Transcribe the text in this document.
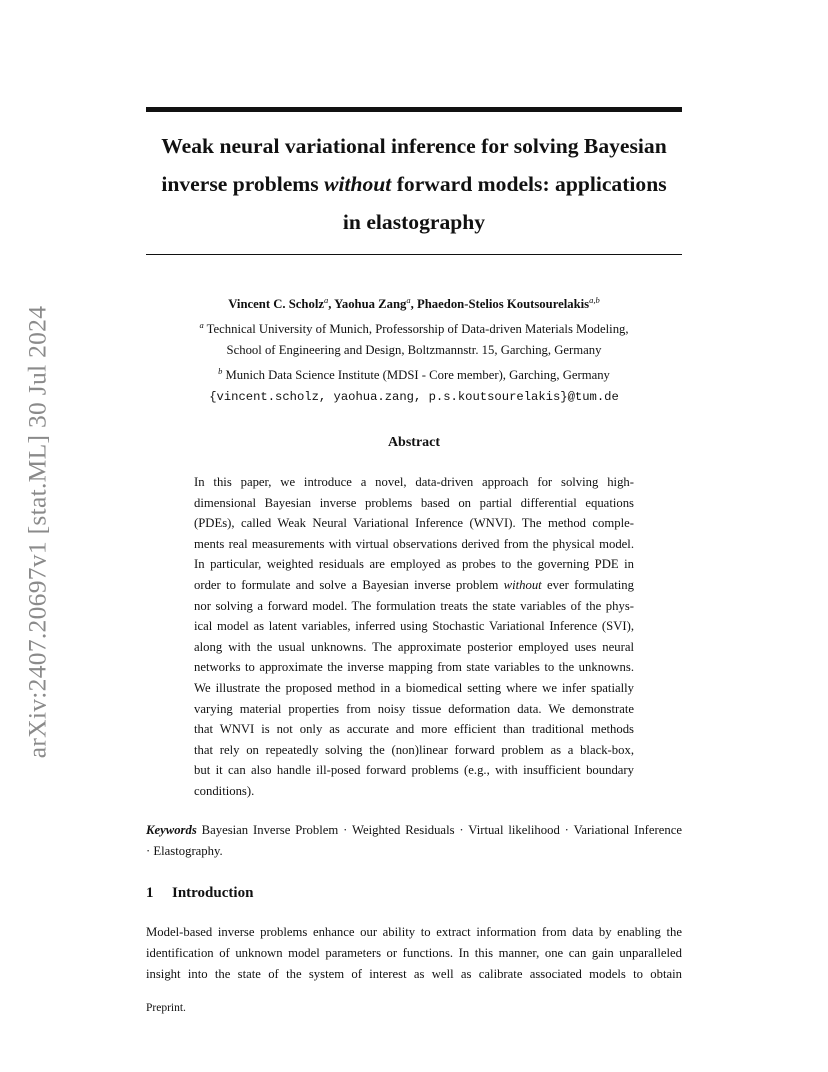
arXiv:2407.20697v1 [stat.ML] 30 Jul 2024
Weak neural variational inference for solving Bayesian
inverse problems without forward models: applications
in elastography
Vincent C. Scholz$^a$, Yaohua Zang$^a$, Phaedon-Stelios Koutsourelakis$^{a,b}$
$^a$ Technical University of Munich, Professorship of Data-driven Materials Modeling,
School of Engineering and Design, Boltzmannstr. 15, Garching, Germany
$^b$ Munich Data Science Institute (MDSI - Core member), Garching, Germany
{vincent.scholz, yaohua.zang, p.s.koutsourelakis}@tum.de
Abstract
In this paper, we introduce a novel, data-driven approach for solving high-
dimensional Bayesian inverse problems based on partial differential equations
(PDEs), called Weak Neural Variational Inference (WNVI). The method comple-
ments real measurements with virtual observations derived from the physical model.
In particular, weighted residuals are employed as probes to the governing PDE in
order to formulate and solve a Bayesian inverse problem without ever formulating
nor solving a forward model. The formulation treats the state variables of the phys-
ical model as latent variables, inferred using Stochastic Variational Inference (SVI),
along with the usual unknowns. The approximate posterior employed uses neural
networks to approximate the inverse mapping from state variables to the unknowns.
We illustrate the proposed method in a biomedical setting where we infer spatially
varying material properties from noisy tissue deformation data. We demonstrate
that WNVI is not only as accurate and more efficient than traditional methods
that rely on repeatedly solving the (non)linear forward problem as a black-box,
but it can also handle ill-posed forward problems (e.g., with insufficient boundary
conditions).
Keywords Bayesian Inverse Problem · Weighted Residuals · Virtual likelihood · Variational Inference
· Elastography.
1 Introduction
Model-based inverse problems enhance our ability to extract information from data by enabling the
identification of unknown model parameters or functions. In this manner, one can gain unparalleled
insight into the state of the system of interest as well as calibrate associated models to obtain
Preprint.
